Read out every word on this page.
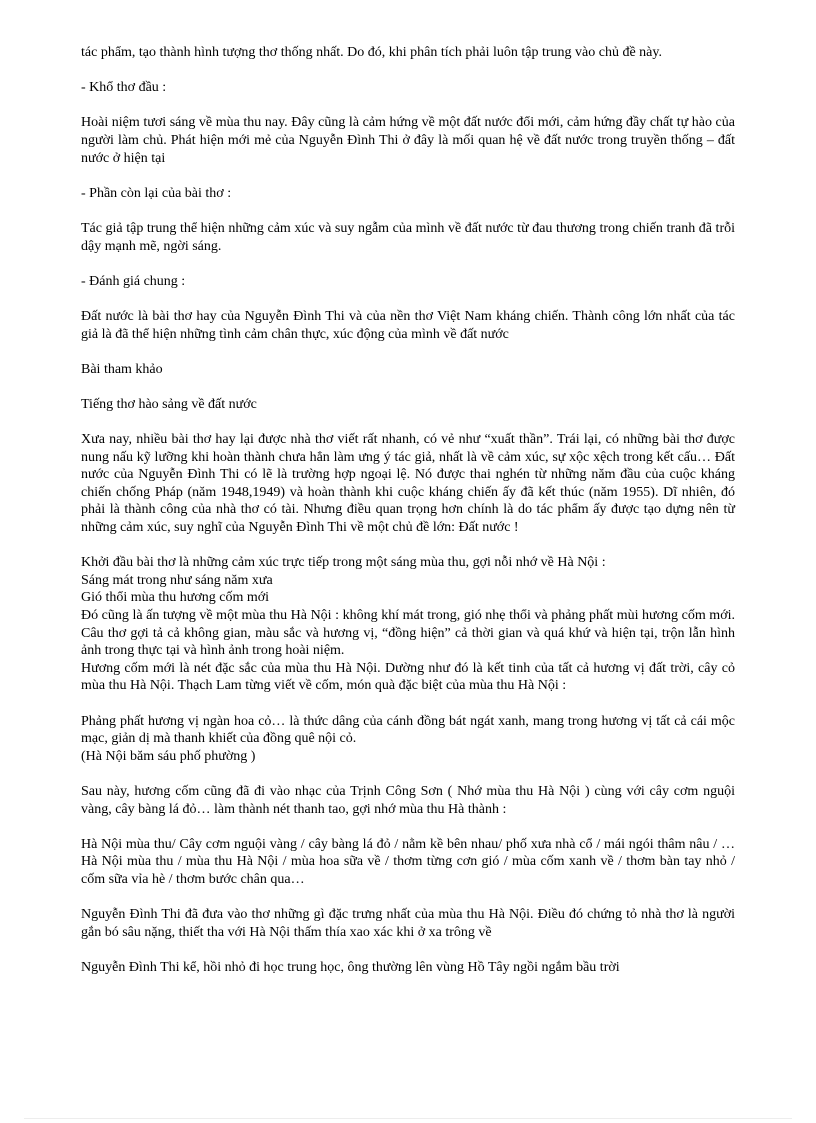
tác phẩm, tạo thành hình tượng thơ thống nhất. Do đó, khi phân tích phải luôn tập trung vào chủ đề này.

- Khổ thơ đầu :

Hoài niệm tươi sáng về mùa thu nay. Đây cũng là cảm hứng về một đất nước đổi mới, cảm hứng đầy chất tự hào của người làm chủ. Phát hiện mới mẻ của Nguyễn Đình Thi ở đây là mối quan hệ về đất nước trong truyền thống – đất nước ở hiện tại

- Phần còn lại của bài thơ :

Tác giả tập trung thể hiện những cảm xúc và suy ngẫm của mình về đất nước từ đau thương trong chiến tranh đã trỗi dậy mạnh mẽ, ngời sáng.

- Đánh giá chung :

Đất nước là bài thơ hay của Nguyễn Đình Thi và của nền thơ Việt Nam kháng chiến. Thành công lớn nhất của tác giả là đã thể hiện những tình cảm chân thực, xúc động của mình về đất nước

Bài tham khảo

Tiếng thơ hào sảng về đất nước

Xưa nay, nhiều bài thơ hay lại được nhà thơ viết rất nhanh, có vẻ như “xuất thần”. Trái lại, có những bài thơ được nung nấu kỹ lưỡng khi hoàn thành chưa hẳn làm ưng ý tác giả, nhất là về cảm xúc, sự xộc xệch trong kết cấu… Đất nước của Nguyễn Đình Thi có lẽ là trường hợp ngoại lệ. Nó được thai nghén từ những năm đầu của cuộc kháng chiến chống Pháp (năm 1948,1949) và hoàn thành khi cuộc kháng chiến ấy đã kết thúc (năm 1955). Dĩ nhiên, đó phải là thành công của nhà thơ có tài. Nhưng điều quan trọng hơn chính là do tác phẩm ấy được tạo dựng nên từ những cảm xúc, suy nghĩ của Nguyễn Đình Thi về một chủ đề lớn: Đất nước !

Khởi đầu bài thơ là những cảm xúc trực tiếp trong một sáng mùa thu, gợi nỗi nhớ về Hà Nội :
Sáng mát trong như sáng năm xưa
Gió thổi mùa thu hương cốm mới
Đó cũng là ấn tượng về một mùa thu Hà Nội : không khí mát trong, gió nhẹ thổi và phảng phất mùi hương cốm mới. Câu thơ gợi tả cả không gian, màu sắc và hương vị, “đồng hiện” cả thời gian và quá khứ và hiện tại, trộn lẫn hình ảnh trong thực tại và hình ảnh trong hoài niệm.
Hương cốm mới là nét đặc sắc của mùa thu Hà Nội. Dường như đó là kết tinh của tất cả hương vị đất trời, cây cỏ mùa thu Hà Nội. Thạch Lam từng viết về cốm, món quà đặc biệt của mùa thu Hà Nội :

Phảng phất hương vị ngàn hoa cỏ… là thức dâng của cánh đồng bát ngát xanh, mang trong hương vị tất cả cái mộc mạc, giản dị mà thanh khiết của đồng quê nội cỏ.
(Hà Nội băm sáu phố phường )

Sau này, hương cốm cũng đã đi vào nhạc của Trịnh Công Sơn ( Nhớ mùa thu Hà Nội ) cùng với cây cơm nguội vàng, cây bàng lá đỏ… làm thành nét thanh tao, gợi nhớ mùa thu Hà thành :

Hà Nội mùa thu/ Cây cơm nguội vàng / cây bàng lá đỏ / nằm kề bên nhau/ phố xưa nhà cổ / mái ngói thâm nâu / … Hà Nội mùa thu / mùa thu Hà Nội / mùa hoa sữa về / thơm từng cơn gió / mùa cốm xanh về / thơm bàn tay nhỏ / cốm sữa vỉa hè / thơm bước chân qua…

Nguyễn Đình Thi đã đưa vào thơ những gì đặc trưng nhất của mùa thu Hà Nội. Điều đó chứng tỏ nhà thơ là người gắn bó sâu nặng, thiết tha với Hà Nội thấm thía xao xác khi ở xa trông về

Nguyễn Đình Thi kể, hồi nhỏ đi học trung học, ông thường lên vùng Hồ Tây ngồi ngắm bầu trời
